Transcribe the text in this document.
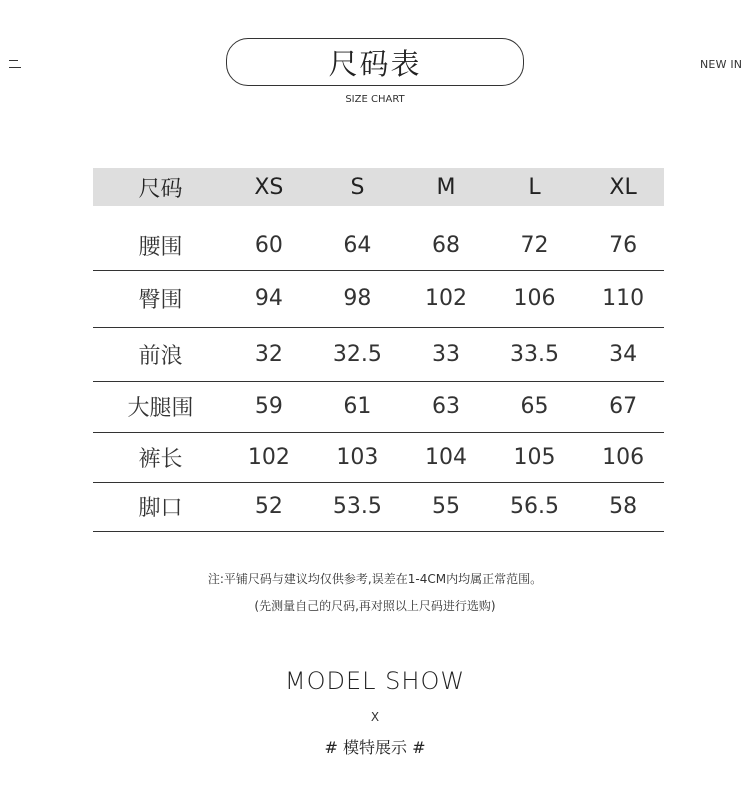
NEW IN
尺码表
SIZE CHART
尺码	XS	S	M	L	XL
腰围	60	64	68	72	76
臀围	94	98	102	106	110
前浪	32	32.5	33	33.5	34
大腿围	59	61	63	65	67
裤长	102	103	104	105	106
脚口	52	53.5	55	56.5	58
注:平铺尺码与建议均仅供参考,误差在1-4CM内均属正常范围。
(先测量自己的尺码,再对照以上尺码进行选购)
MODEL SHOW
X
# 模特展示 #
